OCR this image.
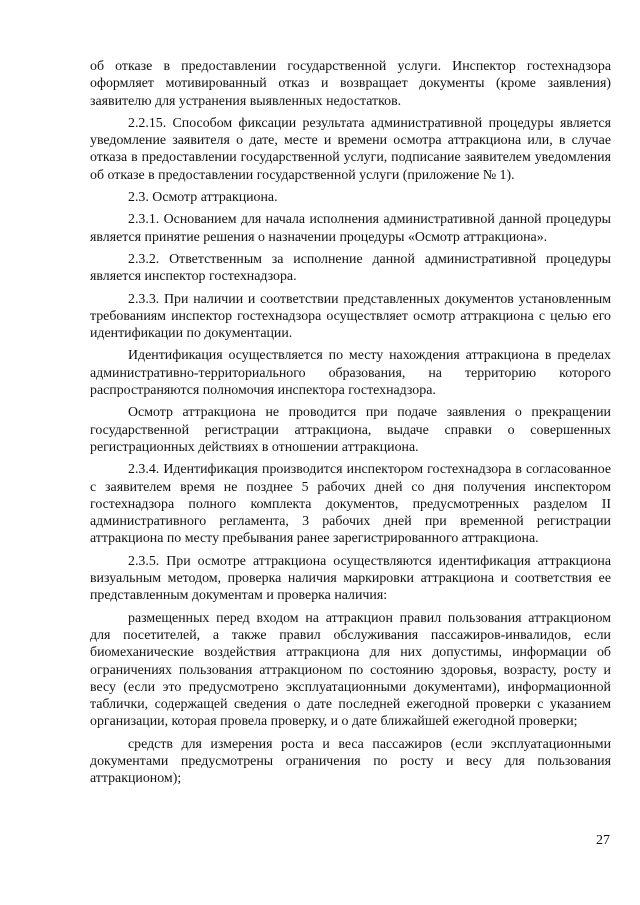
об отказе в предоставлении государственной услуги. Инспектор гостехнадзора оформляет мотивированный отказ и возвращает документы (кроме заявления) заявителю для устранения выявленных недостатков.

2.2.15. Способом фиксации результата административной процедуры является уведомление заявителя о дате, месте и времени осмотра аттракциона или, в случае отказа в предоставлении государственной услуги, подписание заявителем уведомления об отказе в предоставлении государственной услуги (приложение № 1).

2.3. Осмотр аттракциона.

2.3.1. Основанием для начала исполнения административной данной процедуры является принятие решения о назначении процедуры «Осмотр аттракциона».

2.3.2. Ответственным за исполнение данной административной процедуры является инспектор гостехнадзора.

2.3.3. При наличии и соответствии представленных документов установленным требованиям инспектор гостехнадзора осуществляет осмотр аттракциона с целью его идентификации по документации.

Идентификация осуществляется по месту нахождения аттракциона в пределах административно-территориального образования, на территорию которого распространяются полномочия инспектора гостехнадзора.

Осмотр аттракциона не проводится при подаче заявления о прекращении государственной регистрации аттракциона, выдаче справки о совершенных регистрационных действиях в отношении аттракциона.

2.3.4. Идентификация производится инспектором гостехнадзора в согласованное с заявителем время не позднее 5 рабочих дней со дня получения инспектором гостехнадзора полного комплекта документов, предусмотренных разделом II административного регламента, 3 рабочих дней при временной регистрации аттракциона по месту пребывания ранее зарегистрированного аттракциона.

2.3.5. При осмотре аттракциона осуществляются идентификация аттракциона визуальным методом, проверка наличия маркировки аттракциона и соответствия ее представленным документам и проверка наличия:

размещенных перед входом на аттракцион правил пользования аттракционом для посетителей, а также правил обслуживания пассажиров-инвалидов, если биомеханические воздействия аттракциона для них допустимы, информации об ограничениях пользования аттракционом по состоянию здоровья, возрасту, росту и весу (если это предусмотрено эксплуатационными документами), информационной таблички, содержащей сведения о дате последней ежегодной проверки с указанием организации, которая провела проверку, и о дате ближайшей ежегодной проверки;

средств для измерения роста и веса пассажиров (если эксплуатационными документами предусмотрены ограничения по росту и весу для пользования аттракционом);

27
